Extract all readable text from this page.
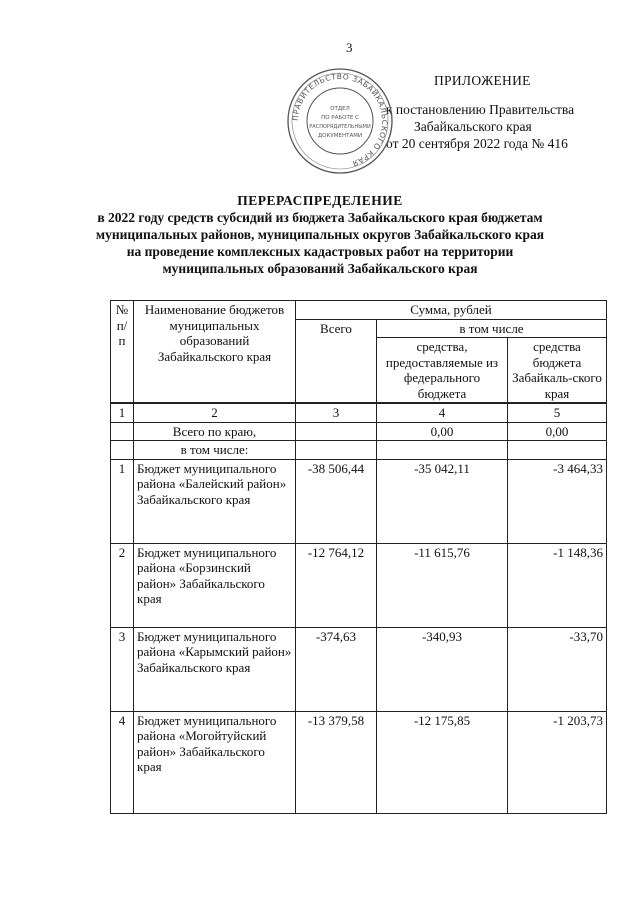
3
ПРИЛОЖЕНИЕ
к постановлению Правительства
Забайкальского края
от 20 сентября 2022 года № 416
ПРАВИТЕЛЬСТВО ЗАБАЙКАЛЬСКОГО КРАЯ
ОТДЕЛ
ПО РАБОТЕ С
РАСПОРЯДИТЕЛЬНЫМИ
ДОКУМЕНТАМИ
ПЕРЕРАСПРЕДЕЛЕНИЕ
в 2022 году средств субсидий из бюджета Забайкальского края бюджетам
муниципальных районов, муниципальных округов Забайкальского края
на проведение комплексных кадастровых работ на территории
муниципальных образований Забайкальского края
№ п/п	Наименование бюджетов муниципальных образований Забайкальского края	Сумма, рублей		
		Всего	в том числе	
			средства, предоставляемые из федерального бюджета	средства бюджета Забайкаль-ского края
1	2	3	4	5
	Всего по краю,		0,00	0,00
	в том числе:			
1	Бюджет муниципального района «Балейский район» Забайкальского края	-38 506,44	-35 042,11	-3 464,33
2	Бюджет муниципального района «Борзинский район» Забайкальского края	-12 764,12	-11 615,76	-1 148,36
3	Бюджет муниципального района «Карымский район» Забайкальского края	-374,63	-340,93	-33,70
4	Бюджет муниципального района «Могойтуйский район» Забайкальского края	-13 379,58	-12 175,85	-1 203,73
